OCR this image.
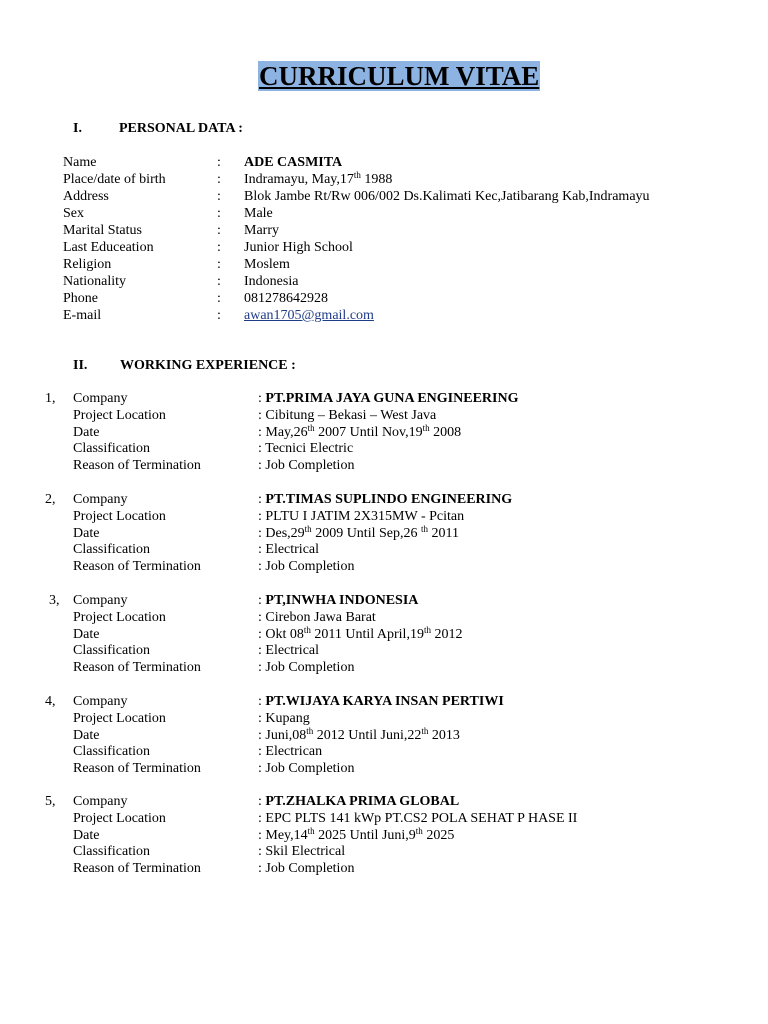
CURRICULUM VITAE
I.	PERSONAL DATA :
Name	: ADE CASMITA
Place/date of birth	: Indramayu, May,17th 1988
Address	: Blok Jambe Rt/Rw 006/002 Ds.Kalimati Kec,Jatibarang Kab,Indramayu
Sex	: Male
Marital Status	: Marry
Last Educeation	: Junior High School
Religion	: Moslem
Nationality	: Indonesia
Phone	: 081278642928
E-mail	: awan1705@gmail.com
II. WORKING EXPERIENCE :
1, Company	: PT.PRIMA JAYA GUNA ENGINEERING
Project Location	: Cibitung – Bekasi – West Java
Date	: May,26th 2007 Until Nov,19th 2008
Classification	: Tecnici Electric
Reason of Termination	: Job Completion
2, Company	: PT.TIMAS SUPLINDO ENGINEERING
Project Location	: PLTU I JATIM 2X315MW - Pcitan
Date	: Des,29th 2009 Until Sep,26 $^{th}$ 2011
Classification	: Electrical
Reason of Termination	: Job Completion
3, Company	: PT,INWHA INDONESIA
Project Location	: Cirebon Jawa Barat
Date	: Okt 08th 2011 Until April,19th 2012
Classification	: Electrical
Reason of Termination	: Job Completion
4, Company	: PT.WIJAYA KARYA INSAN PERTIWI
Project Location	: Kupang
Date	: Juni,08th 2012 Until Juni,22th 2013
Classification	: Electrican
Reason of Termination	: Job Completion
5, Company	: PT.ZHALKA PRIMA GLOBAL
Project Location	: EPC PLTS 141 kWp PT.CS2 POLA SEHAT P HASE II
Date	: Mey,14th 2025 Until Juni,9th 2025
Classification	: Skil Electrical
Reason of Termination	: Job Completion
